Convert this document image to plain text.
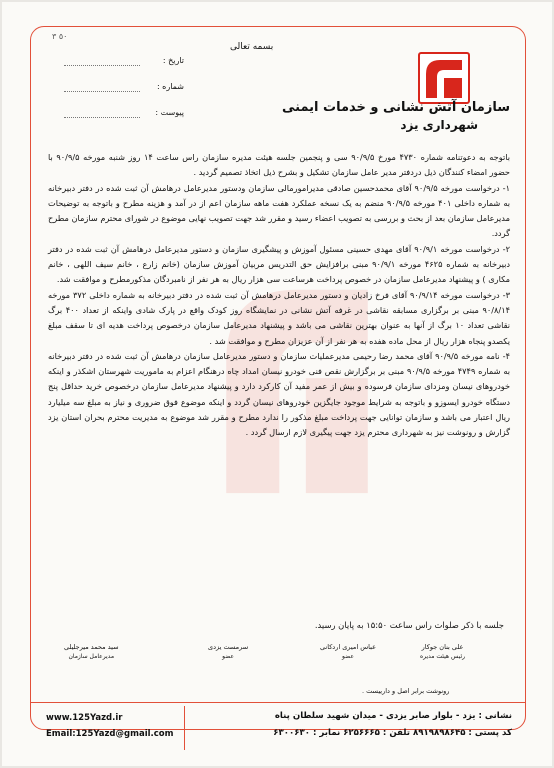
٥٠ ٣
بسمه تعالی
سازمان آتش نشانی و خدمات ایمنی
شهرداری یزد
تاریخ :
شماره :
پیوست :

باتوجه به دعوتنامه شماره ۴۷۳۰ مورخ ۹۰/۹/۵ سی و پنجمین جلسه هیئت مدیره سازمان راس ساعت ۱۴ روز شنبه مورخه ۹۰/۹/۵ با حضور امضاء کنندگان ذیل دردفتر مدیر عامل سازمان تشکیل و بشرح ذیل اتخاذ تصمیم گردید .

۱- درخواست مورخه ۹۰/۹/۵ آقای محمدحسین صادقی مدیرامورمالی سازمان ودستور مدیرعامل درهامش آن ثبت شده در دفتر دبیرخانه به شماره داخلی ۴۰۱ مورخه ۹۰/۹/۵ منضم به یک نسخه عملکرد هفت ماهه سازمان اعم از در آمد و هزینه مطرح و باتوجه به توضیحات مدیرعامل سازمان بعد از بحث و بررسی به تصویب اعضاء رسید و مقرر شد جهت تصویب نهایی موضوع در شورای محترم سازمان مطرح گردد.

۲- درخواست مورخه ۹۰/۹/۱ آقای مهدی حسینی مسئول آموزش و پیشگیری سازمان و دستور مدیرعامل درهامش آن ثبت شده در دفتر دبیرخانه به شماره ۴۶۲۵ مورخه ۹۰/۹/۱ مبنی برافزایش حق التدریس مربیان آموزش سازمان (خانم زارع ، خانم سیف اللهی ، خانم مکاری ) و پیشنهاد مدیرعامل سازمان در خصوص پرداخت هرساعت سی هزار ریال به هر نفر از نامبردگان مذکورمطرح و موافقت شد.

۳- درخواست مورخه ۹۰/۹/۱۴ آقای فرخ زادیان و دستور مدیرعامل درهامش آن ثبت شده در دفتر دبیرخانه به شماره داخلی ۳۷۲ مورخه ۹۰/۸/۱۴ مبنی بر برگزاری مسابقه نقاشی در غرفه آتش نشانی در نمایشگاه روز کودک واقع در پارک شادی واینکه از تعداد ۴۰۰ برگ نقاشی تعداد ۱۰ برگ از آنها به عنوان بهترین نقاشی می باشد و پیشنهاد مدیرعامل سازمان درخصوص پرداخت هدیه ای تا سقف مبلغ یکصدو پنجاه هزار ریال از محل ماده هفده به هر نفر از آن عزیزان مطرح و موافقت شد .

۴- نامه مورخه ۹۰/۹/۵ آقای محمد رضا رحیمی مدیرعملیات سازمان و دستور مدیرعامل سازمان درهامش آن ثبت شده در دفتر دبیرخانه به شماره ۴۷۴۹ مورخه ۹۰/۹/۵ مبنی بر برگزارش نقص فنی خودرو نیسان امداد چاه درهنگام اعزام به ماموریت شهرستان اشکذر و اینکه خودروهای نیسان ومزدای سازمان فرسوده و بیش از عمر مفید آن کارکرد دارد و پیشنهاد مدیرعامل سازمان درخصوص خرید حداقل پنج دستگاه خودرو ایسوزو و باتوجه به شرایط موجود جایگزین خودروهای نیسان گردد و اینکه موضوع فوق ضروری و نیاز به مبلغ سه میلیارد ریال اعتبار می باشد و سازمان توانایی جهت پرداخت مبلغ مذکور را ندارد مطرح و مقرر شد موضوع به مدیریت محترم بحران استان یزد گزارش و رونوشت نیز به شهرداری محترم یزد جهت پیگیری لازم ارسال گردد .

جلسه با ذکر صلوات راس ساعت ۱۵:۵۰ به پایان رسید.
علی بنان جوکار
رئیس هیئت مدیره
عباس امیری اردکانی
عضو
سرمست یزدی
عضو
سید محمد میرجلیلی
مدیرعامل سازمان
رونوشت برابر اصل و دارییست .
نشانی : یزد - بلوار صابر یزدی - میدان شهید سلطان پناه
کد پستی : ۸۹۱۹۸۹۸۶۴۵ تلفن : ۶۲۵۶۶۶۵ نمابر : ۶۳۰۰۶۳۰
www.125Yazd.ir
Email:125Yazd@gmail.com
